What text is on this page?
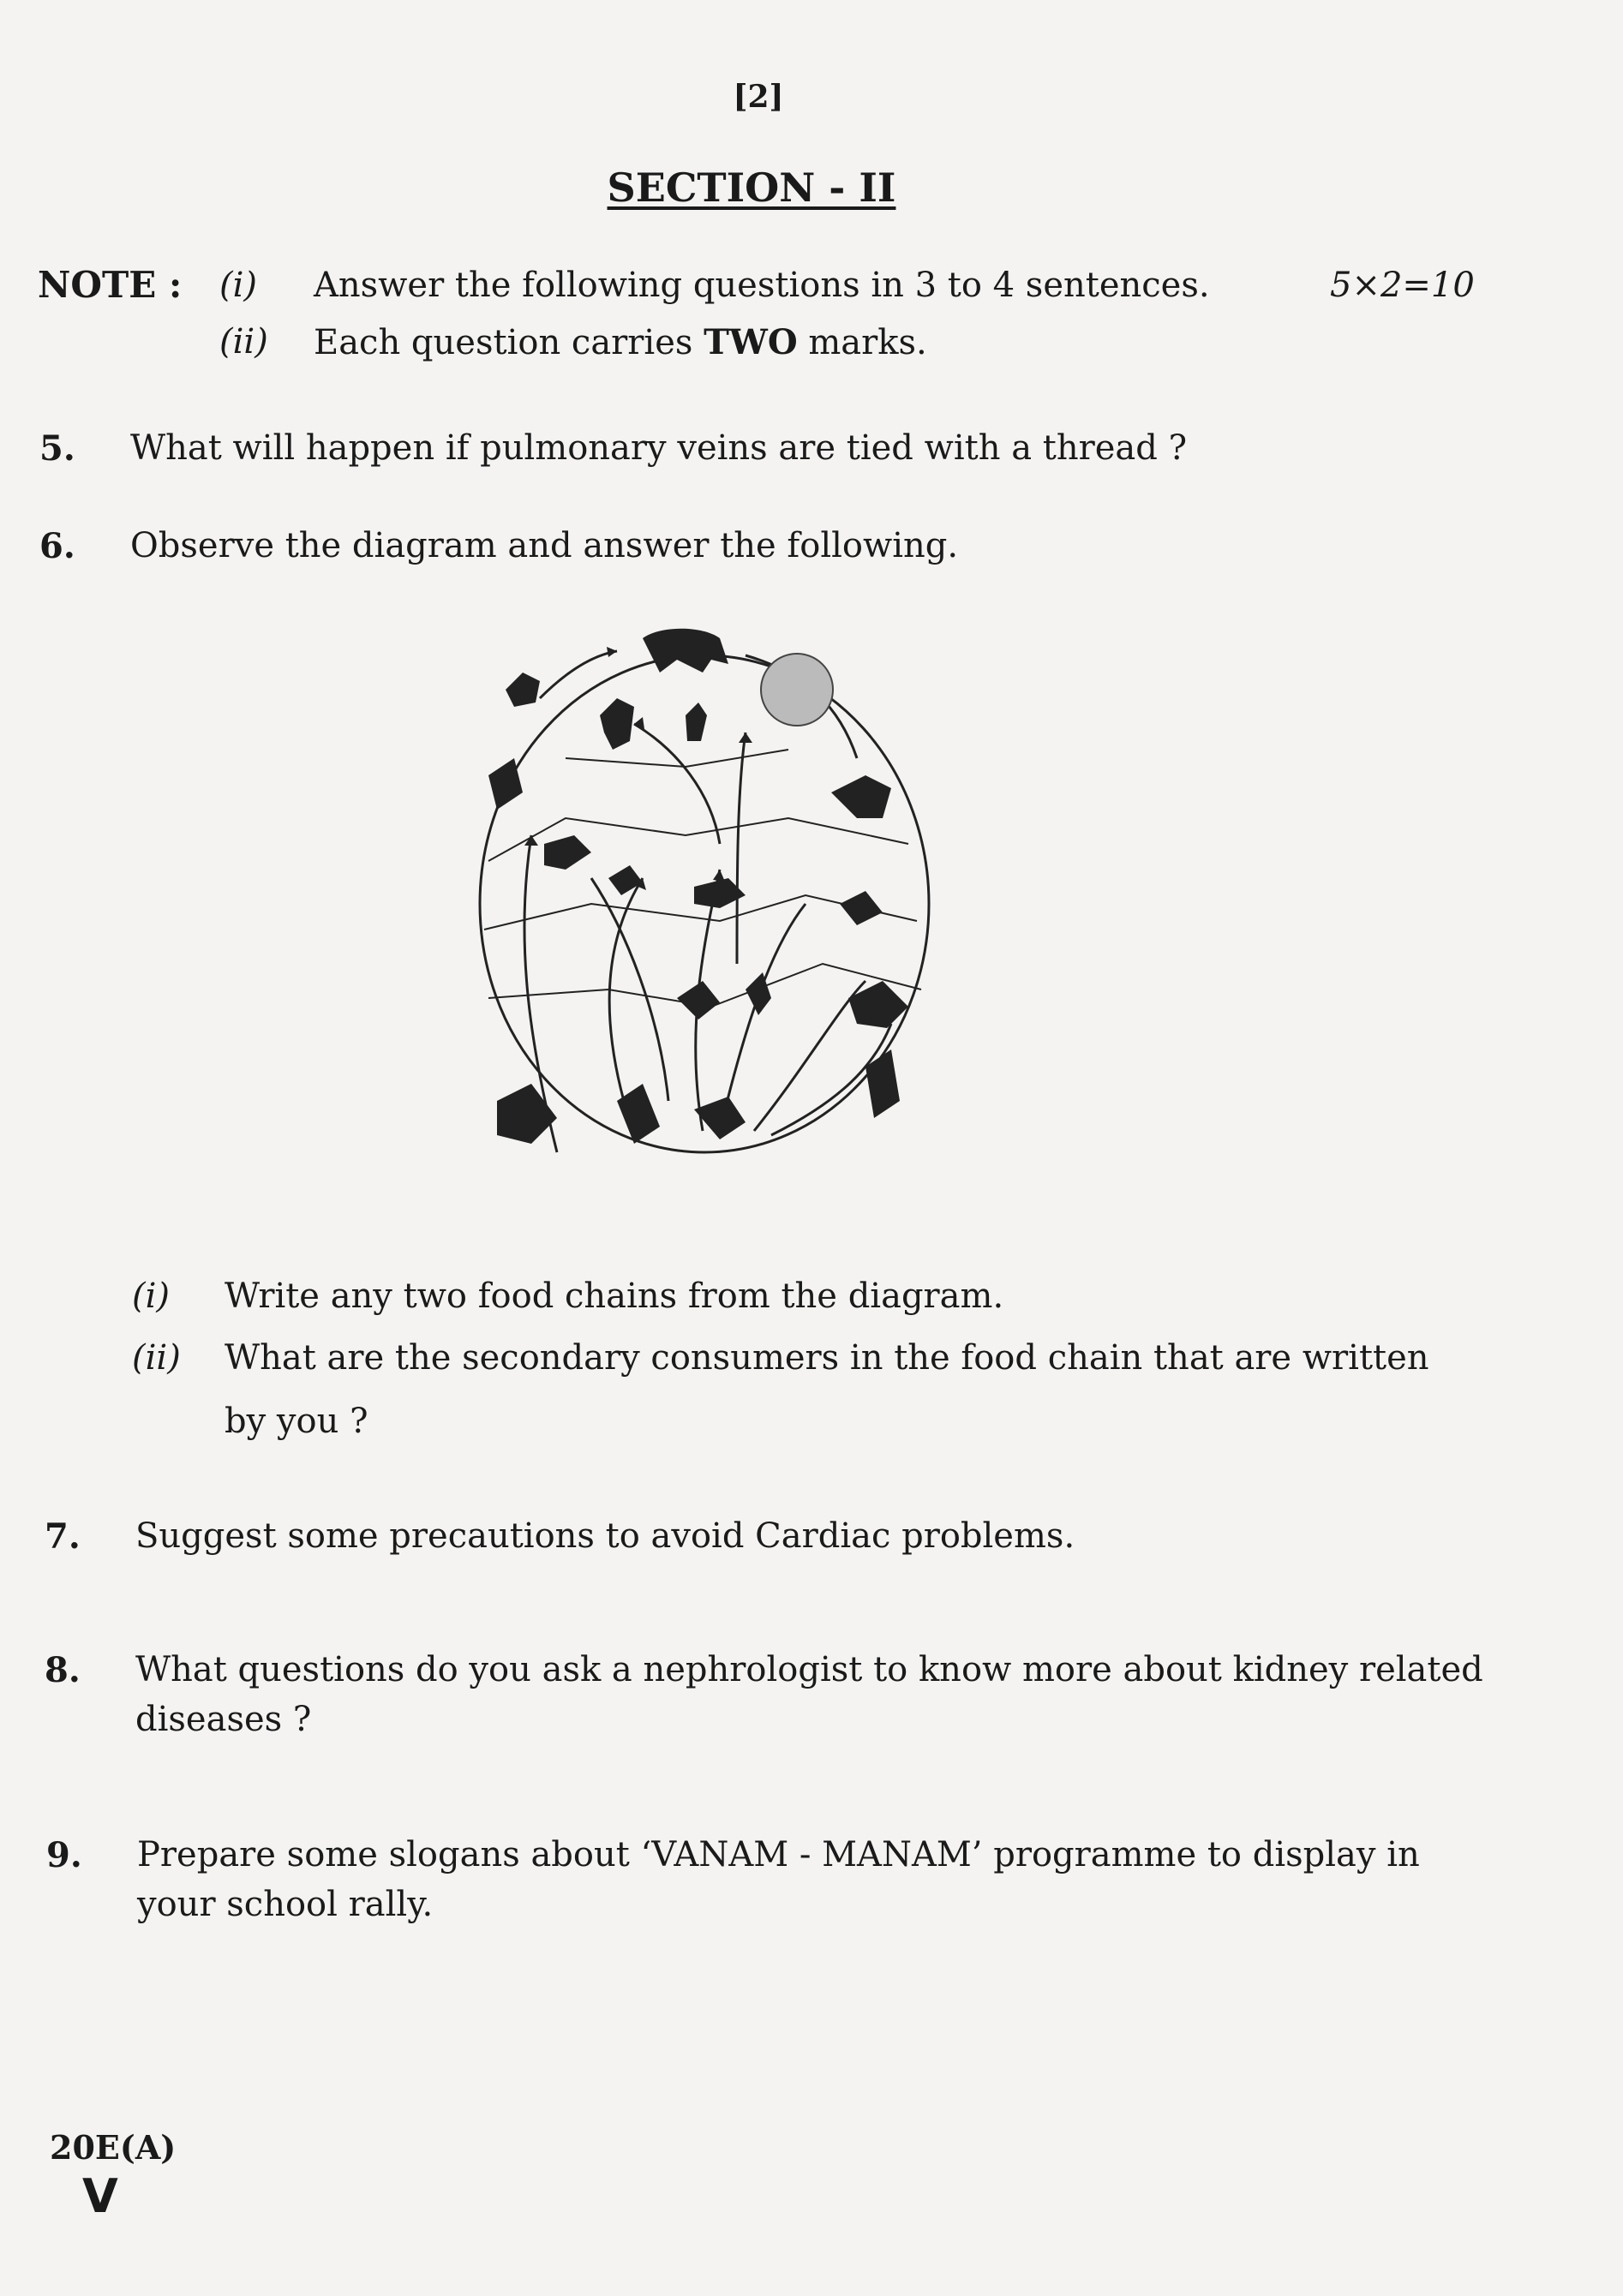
[2]
SECTION - II
NOTE : (i) Answer the following questions in 3 to 4 sentences.	5×2=10
(ii) Each question carries TWO marks.
5. What will happen if pulmonary veins are tied with a thread ?
6. Observe the diagram and answer the following.
(i) Write any two food chains from the diagram.
(ii) What are the secondary consumers in the food chain that are written
by you ?
7. Suggest some precautions to avoid Cardiac problems.
8. What questions do you ask a nephrologist to know more about kidney related
diseases ?
9. Prepare some slogans about ‘VANAM - MANAM’ programme to display in
your school rally.
20E(A)
V
